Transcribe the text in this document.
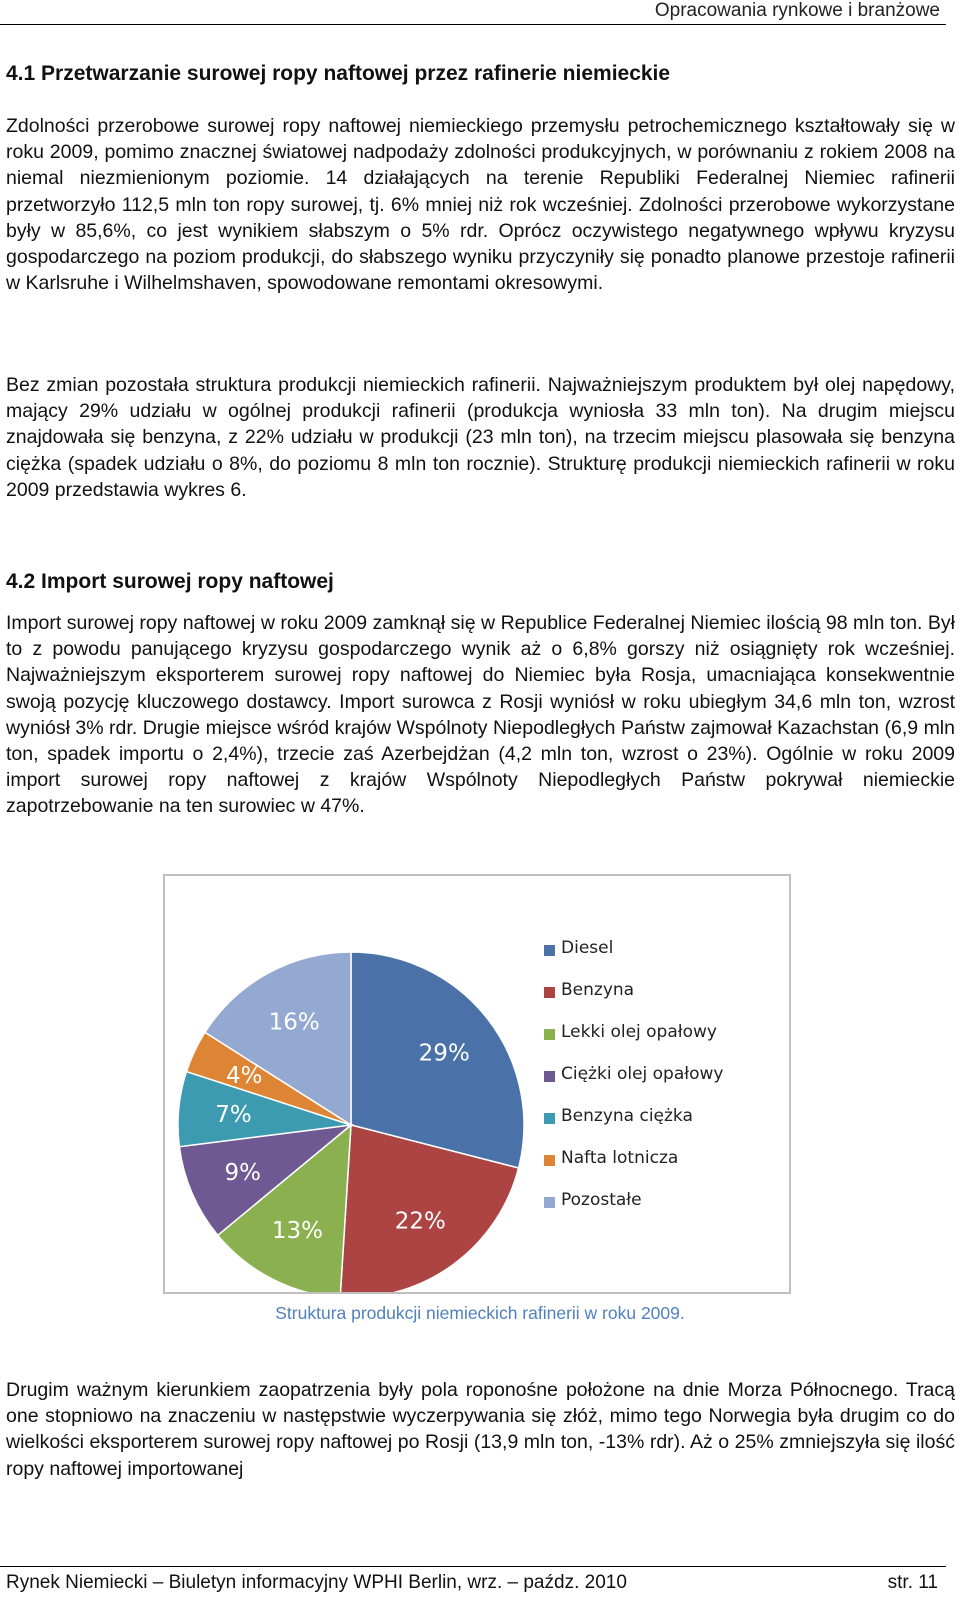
Opracowania rynkowe i branżowe
4.1 Przetwarzanie surowej ropy naftowej przez rafinerie niemieckie

Zdolności przerobowe surowej ropy naftowej niemieckiego przemysłu petrochemicznego kształtowały się w roku 2009, pomimo znacznej światowej nadpodaży zdolności produkcyjnych, w porównaniu z rokiem 2008 na niemal niezmienionym poziomie. 14 działających na terenie Republiki Federalnej Niemiec rafinerii przetworzyło 112,5 mln ton ropy surowej, tj. 6% mniej niż rok wcześniej. Zdolności przerobowe wykorzystane były w 85,6%, co jest wynikiem słabszym o 5% rdr. Oprócz oczywistego negatywnego wpływu kryzysu gospodarczego na poziom produkcji, do słabszego wyniku przyczyniły się ponadto planowe przestoje rafinerii w Karlsruhe i Wilhelmshaven, spowodowane remontami okresowymi.

Bez zmian pozostała struktura produkcji niemieckich rafinerii. Najważniejszym produktem był olej napędowy, mający 29% udziału w ogólnej produkcji rafinerii (produkcja wyniosła 33 mln ton). Na drugim miejscu znajdowała się benzyna, z 22% udziału w produkcji (23 mln ton), na trzecim miejscu plasowała się benzyna ciężka (spadek udziału o 8%, do poziomu 8 mln ton rocznie). Strukturę produkcji niemieckich rafinerii w roku 2009 przedstawia wykres 6.

4.2 Import surowej ropy naftowej

Import surowej ropy naftowej w roku 2009 zamknął się w Republice Federalnej Niemiec ilością 98 mln ton. Był to z powodu panującego kryzysu gospodarczego wynik aż o 6,8% gorszy niż osiągnięty rok wcześniej. Najważniejszym eksporterem surowej ropy naftowej do Niemiec była Rosja, umacniająca konsekwentnie swoją pozycję kluczowego dostawcy. Import surowca z Rosji wyniósł w roku ubiegłym 34,6 mln ton, wzrost wyniósł 3% rdr. Drugie miejsce wśród krajów Wspólnoty Niepodległych Państw zajmował Kazachstan (6,9 mln ton, spadek importu o 2,4%), trzecie zaś Azerbejdżan (4,2 mln ton, wzrost o 23%). Ogólnie w roku 2009 import surowej ropy naftowej z krajów Wspólnoty Niepodległych Państw pokrywał niemieckie zapotrzebowanie na ten surowiec w 47%.

29%
22%
13%
9%
7%
4%
16%
Diesel
Benzyna
Lekki olej opałowy
Ciężki olej opałowy
Benzyna ciężka
Nafta lotnicza
Pozostałe
Struktura produkcji niemieckich rafinerii w roku 2009.

Drugim ważnym kierunkiem zaopatrzenia były pola roponośne położone na dnie Morza Północnego. Tracą one stopniowo na znaczeniu w następstwie wyczerpywania się złóż, mimo tego Norwegia była drugim co do wielkości eksporterem surowej ropy naftowej po Rosji (13,9 mln ton, -13% rdr). Aż o 25% zmniejszyła się ilość ropy naftowej importowanej

Rynek Niemiecki – Biuletyn informacyjny WPHI Berlin, wrz. – paźdz. 2010	str. 11
